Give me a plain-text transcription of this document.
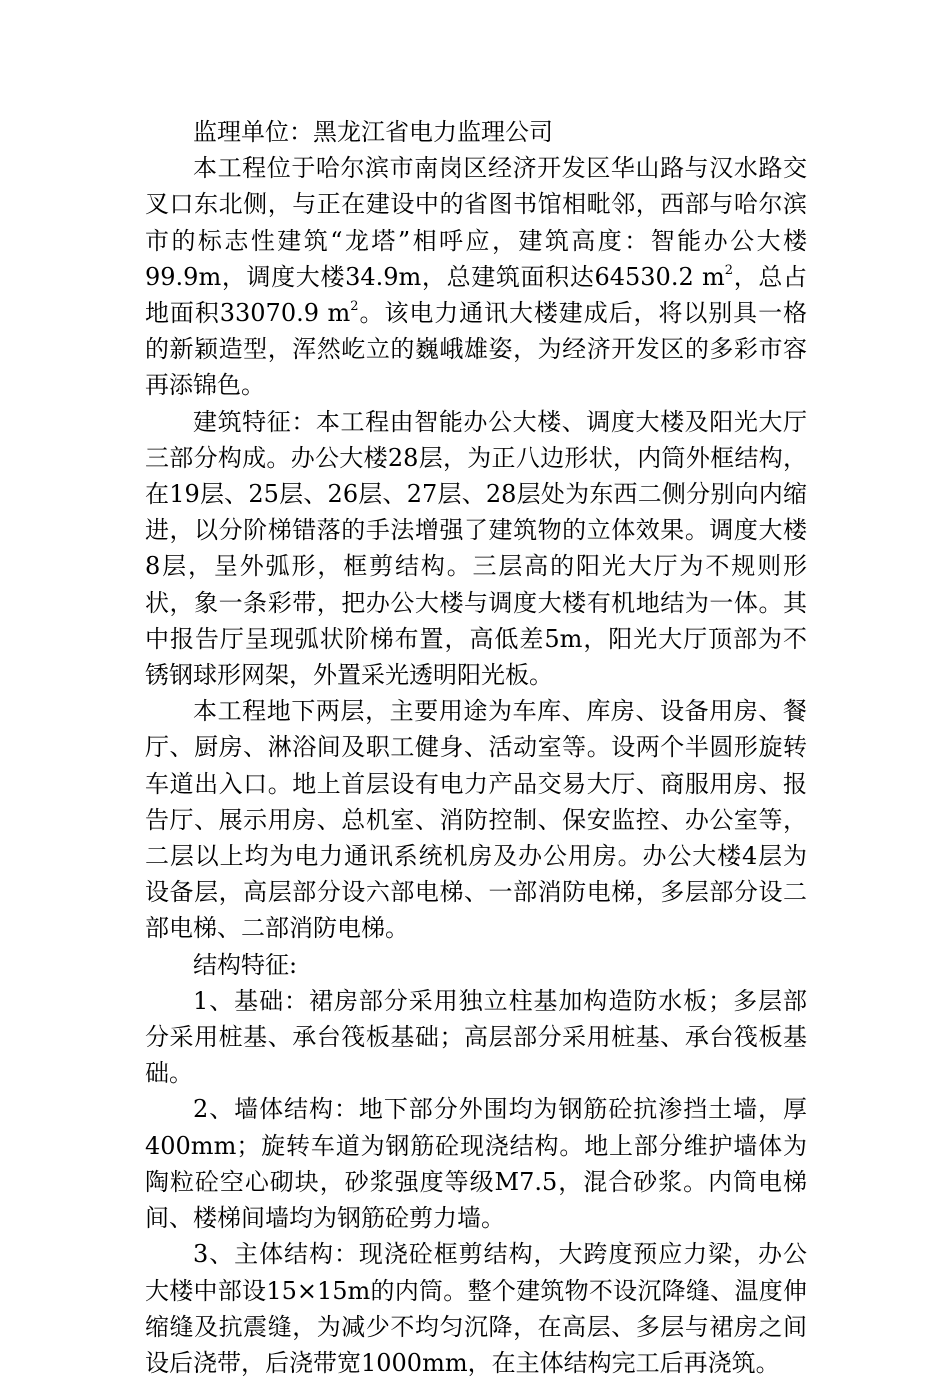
监理单位：黑龙江省电力监理公司

本工程位于哈尔滨市南岗区经济开发区华山路与汉水路交叉口东北侧，与正在建设中的省图书馆相毗邻，西部与哈尔滨市的标志性建筑“龙塔”相呼应，建筑高度：智能办公大楼99.9m，调度大楼34.9m，总建筑面积达64530.2 $m^2$，总占地面积33070.9 $m^2$。该电力通讯大楼建成后，将以别具一格的新颖造型，浑然屹立的巍峨雄姿，为经济开发区的多彩市容再添锦色。

建筑特征：本工程由智能办公大楼、调度大楼及阳光大厅三部分构成。办公大楼28层，为正八边形状，内筒外框结构，在19层、25层、26层、27层、28层处为东西二侧分别向内缩进，以分阶梯错落的手法增强了建筑物的立体效果。调度大楼8层，呈外弧形，框剪结构。三层高的阳光大厅为不规则形状，象一条彩带，把办公大楼与调度大楼有机地结为一体。其中报告厅呈现弧状阶梯布置，高低差5m，阳光大厅顶部为不锈钢球形网架，外置采光透明阳光板。

本工程地下两层，主要用途为车库、库房、设备用房、餐厅、厨房、淋浴间及职工健身、活动室等。设两个半圆形旋转车道出入口。地上首层设有电力产品交易大厅、商服用房、报告厅、展示用房、总机室、消防控制、保安监控、办公室等，二层以上均为电力通讯系统机房及办公用房。办公大楼4层为设备层，高层部分设六部电梯、一部消防电梯，多层部分设二部电梯、二部消防电梯。

结构特征:

1、基础：裙房部分采用独立柱基加构造防水板；多层部分采用桩基、承台筏板基础；高层部分采用桩基、承台筏板基础。

2、墙体结构：地下部分外围均为钢筋砼抗渗挡土墙，厚400mm；旋转车道为钢筋砼现浇结构。地上部分维护墙体为陶粒砼空心砌块，砂浆强度等级M7.5，混合砂浆。内筒电梯间、楼梯间墙均为钢筋砼剪力墙。

3、主体结构：现浇砼框剪结构，大跨度预应力梁，办公大楼中部设15×15m的内筒。整个建筑物不设沉降缝、温度伸缩缝及抗震缝，为减少不均匀沉降，在高层、多层与裙房之间设后浇带，后浇带宽1000mm，在主体结构完工后再浇筑。
